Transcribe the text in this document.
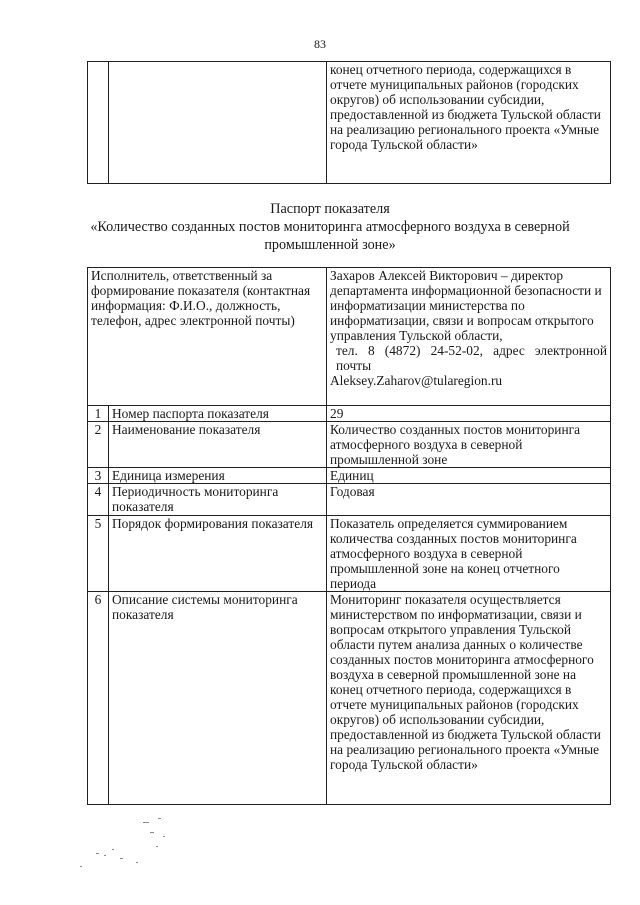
83
		конец отчетного периода, содержащихся в отчете муниципальных районов (городских округов) об использовании субсидии, предоставленной из бюджета Тульской области на реализацию регионального проекта «Умные города Тульской области»
Паспорт показателя
«Количество созданных постов мониторинга атмосферного воздуха в северной промышленной зоне»
Исполнитель, ответственный за формирование показателя (контактная информация: Ф.И.О., должность, телефон, адрес электронной почты)		Захаров Алексей Викторович – директор департамента информационной безопасности и информатизации министерства по информатизации, связи и вопросам открытого управления Тульской области,
тел. 8 (4872) 24-52-02, адрес электронной почты
Aleksey.Zaharov@tularegion.ru

1	Номер паспорта показателя	29
2	Наименование показателя	Количество созданных постов мониторинга атмосферного воздуха в северной промышленной зоне
3	Единица измерения	Единиц
4	Периодичность мониторинга показателя	Годовая
5	Порядок формирования показателя	Показатель определяется суммированием количества созданных постов мониторинга атмосферного воздуха в северной промышленной зоне на конец отчетного периода
6	Описание системы мониторинга показателя	Мониторинг показателя осуществляется министерством по информатизации, связи и вопросам открытого управления Тульской области путем анализа данных о количестве созданных постов мониторинга атмосферного воздуха в северной промышленной зоне на конец отчетного периода, содержащихся в отчете муниципальных районов (городских округов) об использовании субсидии, предоставленной из бюджета Тульской области на реализацию регионального проекта «Умные города Тульской области»
